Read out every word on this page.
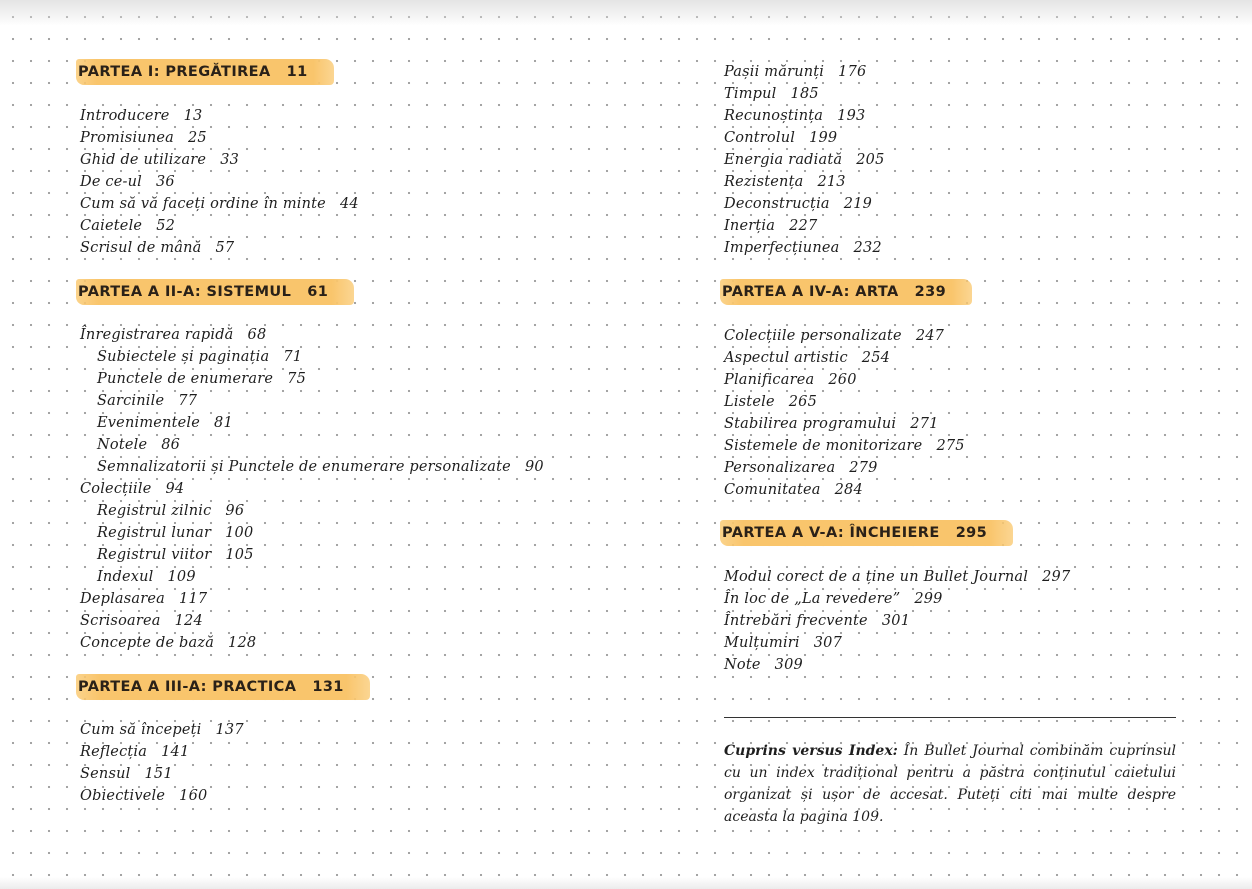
PARTEA I: PREGĂTIREA 11
Introducere 13
Promisiunea 25
Ghid de utilizare 33
De ce-ul 36
Cum să vă faceți ordine în minte 44
Caietele 52
Scrisul de mână 57
PARTEA A II-A: SISTEMUL 61
Înregistrarea rapidă 68
Subiectele și paginația 71
Punctele de enumerare 75
Sarcinile 77
Evenimentele 81
Notele 86
Semnalizatorii și Punctele de enumerare personalizate 90
Colecțiile 94
Registrul zilnic 96
Registrul lunar 100
Registrul viitor 105
Indexul 109
Deplasarea 117
Scrisoarea 124
Concepte de bază 128
PARTEA A III-A: PRACTICA 131
Cum să începeți 137
Reflecția 141
Sensul 151
Obiectivele 160
Pașii mărunți 176
Timpul 185
Recunoștința 193
Controlul 199
Energia radiată 205
Rezistența 213
Deconstrucția 219
Inerția 227
Imperfecțiunea 232
PARTEA A IV-A: ARTA 239
Colecțiile personalizate 247
Aspectul artistic 254
Planificarea 260
Listele 265
Stabilirea programului 271
Sistemele de monitorizare 275
Personalizarea 279
Comunitatea 284
PARTEA A V-A: ÎNCHEIERE 295
Modul corect de a ține un Bullet Journal 297
În loc de „La revedere” 299
Întrebări frecvente 301
Mulțumiri 307
Note 309
Cuprins versus Index: În Bullet Journal combinăm cuprinsul cu un index tradițional pentru a păstra conținutul caietului organizat și ușor de accesat. Puteți citi mai multe despre aceasta la pagina 109.
